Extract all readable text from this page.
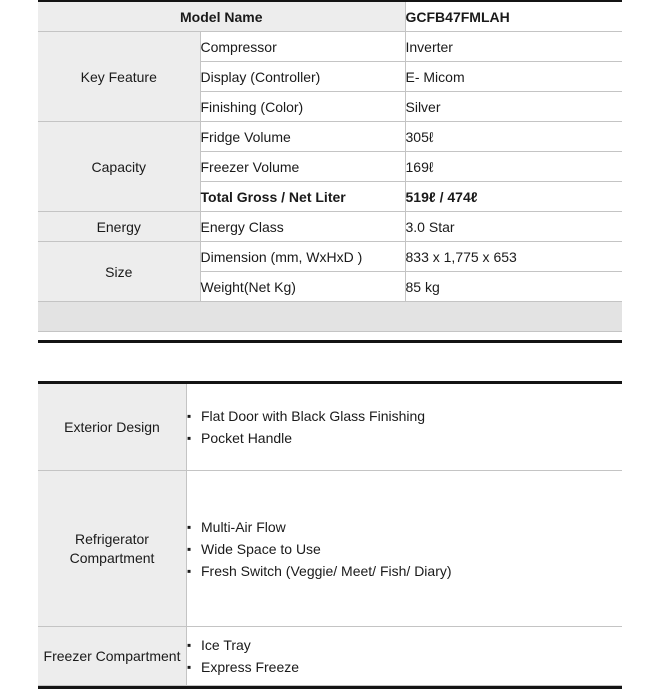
Model Name		GCFB47FMLAH
Key Feature	Compressor	Inverter
	Display (Controller)	E- Micom
	Finishing (Color)	Silver
Capacity	Fridge Volume	305ℓ
	Freezer Volume	169ℓ
	Total Gross / Net Liter	519ℓ / 474ℓ
Energy	Energy Class	3.0 Star
Size	Dimension (mm, WxHxD )	833 x 1,775 x 653
	Weight(Net Kg)	85 kg

Exterior Design	
▪ Flat Door with Black Glass Finishing
▪ Pocket Handle

Refrigerator Compartment	
▪ Multi-Air Flow
▪ Wide Space to Use
▪ Fresh Switch (Veggie/ Meet/ Fish/ Diary)

Freezer Compartment	
▪ Ice Tray
▪ Express Freeze
